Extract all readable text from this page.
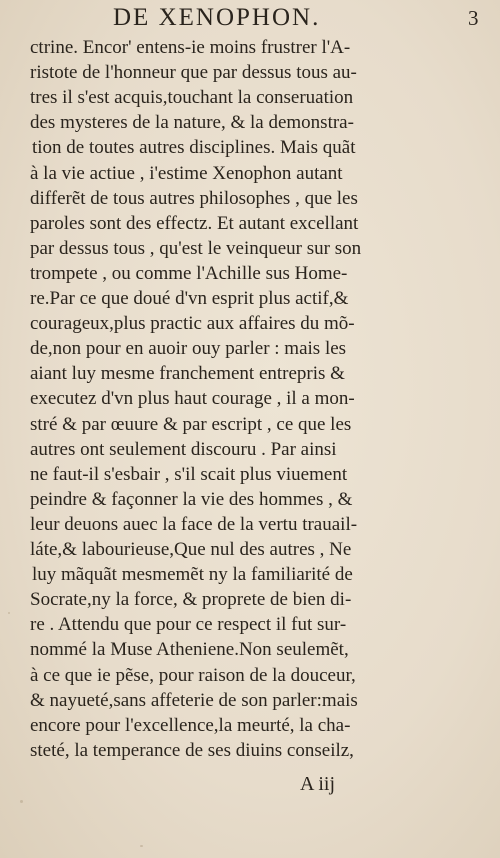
DE XENOPHON.	3
ctrine. Encor' entens-ie moins frustrer l'A-
ristote de l'honneur que par dessus tous au-
tres il s'est acquis,touchant la conseruation
des mysteres de la nature, & la demonstra-
tion de toutes autres disciplines. Mais quãt
à la vie actiue , i'estime Xenophon autant
differẽt de tous autres philosophes , que les
paroles sont des effectz. Et autant excellant
par dessus tous , qu'est le veinqueur sur son
trompete , ou comme l'Achille sus Home-
re.Par ce que doué d'vn esprit plus actif,&
courageux,plus practic aux affaires du mõ-
de,non pour en auoir ouy parler : mais les
aiant luy mesme franchement entrepris &
executez d'vn plus haut courage , il a mon-
stré & par œuure & par escript , ce que les
autres ont seulement discouru . Par ainsi
ne faut-il s'esbair , s'il scait plus viuement
peindre & façonner la vie des hommes , &
leur deuons auec la face de la vertu trauail-
láte,& labourieuse,Que nul des autres , Ne
luy mãquãt mesmemẽt ny la familiarité de
Socrate,ny la force, & proprete de bien di-
re . Attendu que pour ce respect il fut sur-
nommé la Muse Atheniene.Non seulemẽt,
à ce que ie pẽse, pour raison de la douceur,
& nayueté,sans affeterie de son parler:mais
encore pour l'excellence,la meurté, la cha-
steté, la temperance de ses diuins conseilz,
A iij
